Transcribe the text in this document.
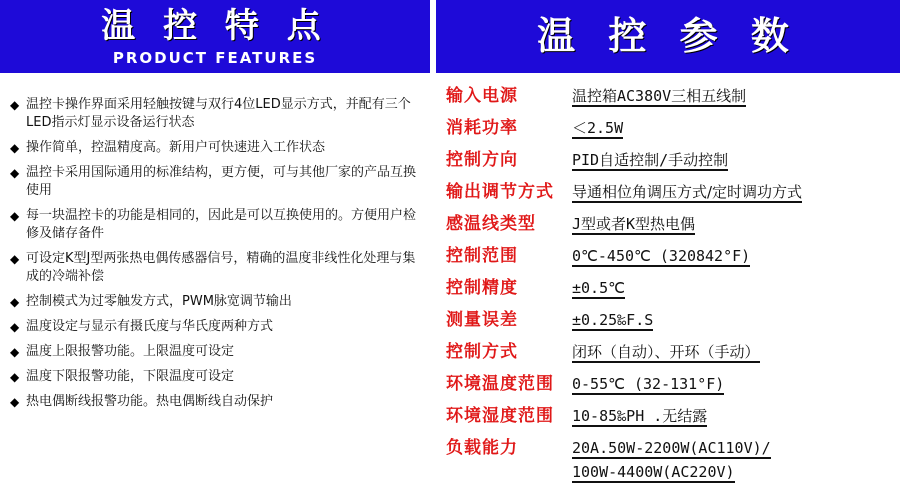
温 控 特 点
PRODUCT FEATURES	温 控 参 数
◆ 温控卡操作界面采用轻触按键与双行4位LED显示方式，并配有三个LED指示灯显示设备运行状态
◆ 操作简单，控温精度高。新用户可快速进入工作状态
◆ 温控卡采用国际通用的标准结构，更方便，可与其他厂家的产品互换使用
◆ 每一块温控卡的功能是相同的，因此是可以互换使用的。方便用户检修及储存备件
◆ 可设定K型J型两张热电偶传感器信号，精确的温度非线性化处理与集成的冷端补偿
◆ 控制模式为过零触发方式，PWM脉宽调节输出
◆ 温度设定与显示有摄氏度与华氏度两种方式
◆ 温度上限报警功能。上限温度可设定
◆ 温度下限报警功能，下限温度可设定
◆ 热电偶断线报警功能。热电偶断线自动保护
输入电源	温控箱AC380V三相五线制
消耗功率	＜2.5W
控制方向	PID自适控制/手动控制
输出调节方式	导通相位角调压方式/定时调功方式
感温线类型	J型或者K型热电偶
控制范围	0℃-450℃ (320842°F)
控制精度	±0.5℃
测量误差	±0.25‰F.S
控制方式	闭环（自动）、开环（手动）
环境温度范围	0-55℃ (32-131°F)
环境湿度范围	10-85‰PH .无结露
负载能力	20A.50W-2200W(AC110V)/
100W-4400W(AC220V)
